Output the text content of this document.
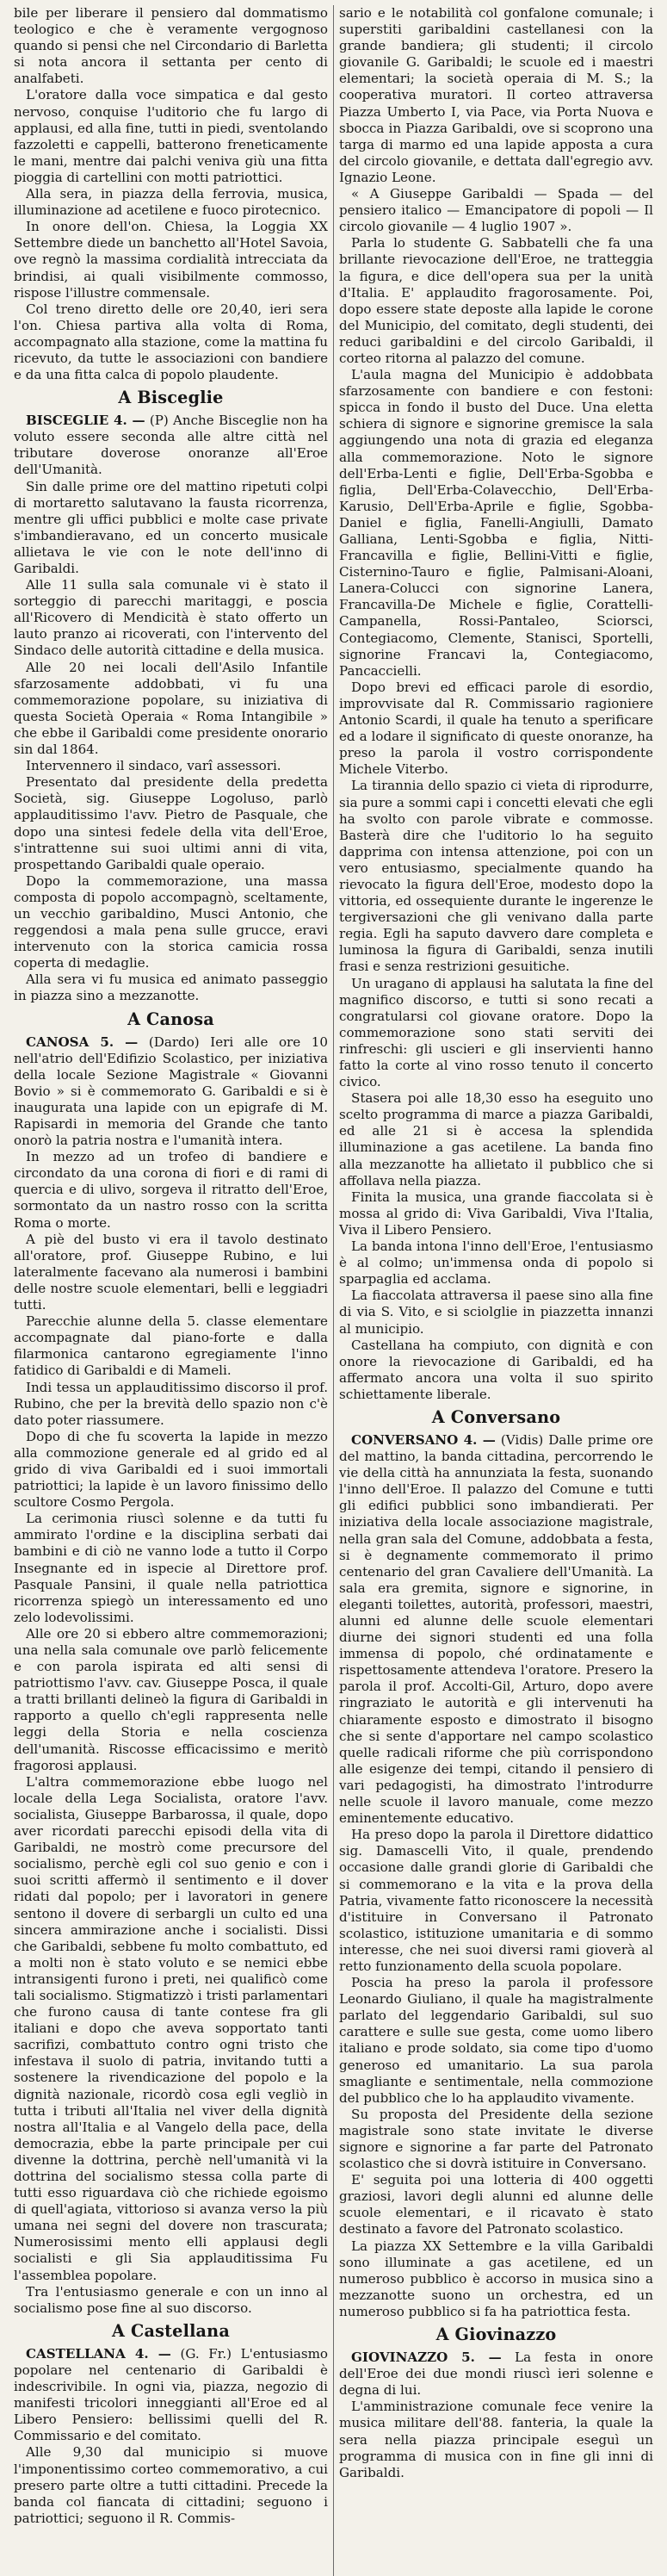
bile per liberare il pensiero dal dommatismo teologico e che è veramente vergognoso quando si pensi che nel Circondario di Barletta si nota ancora il settanta per cento di analfabeti.

L'oratore dalla voce simpatica e dal gesto nervoso, conquise l'uditorio che fu largo di applausi, ed alla fine, tutti in piedi, sventolando fazzoletti e cappelli, batterono freneticamente le mani, mentre dai palchi veniva giù una fitta pioggia di cartellini con motti patriottici.

Alla sera, in piazza della ferrovia, musica, illuminazione ad acetilene e fuoco pirotecnico.

In onore dell'on. Chiesa, la Loggia XX Settembre diede un banchetto all'Hotel Savoia, ove regnò la massima cordialità intrecciata da brindisi, ai quali visibilmente commosso, rispose l'illustre commensale.

Col treno diretto delle ore 20,40, ieri sera l'on. Chiesa partiva alla volta di Roma, accompagnato alla stazione, come la mattina fu ricevuto, da tutte le associazioni con bandiere e da una fitta calca di popolo plaudente.

A Bisceglie

BISCEGLIE 4. — (P) Anche Bisceglie non ha voluto essere seconda alle altre città nel tributare doverose onoranze all'Eroe dell'Umanità.

Sin dalle prime ore del mattino ripetuti colpi di mortaretto salutavano la fausta ricorrenza, mentre gli uffici pubblici e molte case private s'imbandieravano, ed un concerto musicale allietava le vie con le note dell'inno di Garibaldi.

Alle 11 sulla sala comunale vi è stato il sorteggio di parecchi maritaggi, e poscia all'Ricovero di Mendicità è stato offerto un lauto pranzo ai ricoverati, con l'intervento del Sindaco delle autorità cittadine e della musica.

Alle 20 nei locali dell'Asilo Infantile sfarzosamente addobbati, vi fu una commemorazione popolare, su iniziativa di questa Società Operaia « Roma Intangibile » che ebbe il Garibaldi come presidente onorario sin dal 1864.

Intervennero il sindaco, varî assessori.

Presentato dal presidente della predetta Società, sig. Giuseppe Logoluso, parlò applauditissimo l'avv. Pietro de Pasquale, che dopo una sintesi fedele della vita dell'Eroe, s'intrattenne sui suoi ultimi anni di vita, prospettando Garibaldi quale operaio.

Dopo la commemorazione, una massa composta di popolo accompagnò, sceltamente, un vecchio garibaldino, Musci Antonio, che reggendosi a mala pena sulle grucce, eravi intervenuto con la storica camicia rossa coperta di medaglie.

Alla sera vi fu musica ed animato passeggio in piazza sino a mezzanotte.

A Canosa

CANOSA 5. — (Dardo) Ieri alle ore 10 nell'atrio dell'Edifizio Scolastico, per iniziativa della locale Sezione Magistrale « Giovanni Bovio » si è commemorato G. Garibaldi e si è inaugurata una lapide con un epigrafe di M. Rapisardi in memoria del Grande che tanto onorò la patria nostra e l'umanità intera.

In mezzo ad un trofeo di bandiere e circondato da una corona di fiori e di rami di quercia e di ulivo, sorgeva il ritratto dell'Eroe, sormontato da un nastro rosso con la scritta Roma o morte.

A piè del busto vi era il tavolo destinato all'oratore, prof. Giuseppe Rubino, e lui lateralmente facevano ala numerosi i bambini delle nostre scuole elementari, belli e leggiadri tutti.

Parecchie alunne della 5. classe elementare accompagnate dal piano-forte e dalla filarmonica cantarono egregiamente l'inno fatidico di Garibaldi e di Mameli.

Indi tessa un applauditissimo discorso il prof. Rubino, che per la brevità dello spazio non c'è dato poter riassumere.

Dopo di che fu scoverta la lapide in mezzo alla commozione generale ed al grido ed al grido di viva Garibaldi ed i suoi immortali patriottici; la lapide è un lavoro finissimo dello scultore Cosmo Pergola.

La cerimonia riuscì solenne e da tutti fu ammirato l'ordine e la disciplina serbati dai bambini e di ciò ne vanno lode a tutto il Corpo Insegnante ed in ispecie al Direttore prof. Pasquale Pansini, il quale nella patriottica ricorrenza spiegò un interessamento ed uno zelo lodevolissimi.

Alle ore 20 si ebbero altre commemorazioni; una nella sala comunale ove parlò felicemente e con parola ispirata ed alti sensi di patriottismo l'avv. cav. Giuseppe Posca, il quale a tratti brillanti delineò la figura di Garibaldi in rapporto a quello ch'egli rappresenta nelle leggi della Storia e nella coscienza dell'umanità. Riscosse efficacissimo e meritò fragorosi applausi.

L'altra commemorazione ebbe luogo nel locale della Lega Socialista, oratore l'avv. socialista, Giuseppe Barbarossa, il quale, dopo aver ricordati parecchi episodi della vita di Garibaldi, ne mostrò come precursore del socialismo, perchè egli col suo genio e con i suoi scritti affermò il sentimento e il dover ridati dal popolo; per i lavoratori in genere sentono il dovere di serbargli un culto ed una sincera ammirazione anche i socialisti. Dissi che Garibaldi, sebbene fu molto combattuto, ed a molti non è stato voluto e se nemici ebbe intransigenti furono i preti, nei qualificò come tali socialismo. Stigmatizzò i tristi parlamentari che furono causa di tante contese fra gli italiani e dopo che aveva sopportato tanti sacrifizi, combattuto contro ogni tristo che infestava il suolo di patria, invitando tutti a sostenere la rivendicazione del popolo e la dignità nazionale, ricordò cosa egli vegliò in tutta i tributi all'Italia nel viver della dignità nostra all'Italia e al Vangelo della pace, della democrazia, ebbe la parte principale per cui divenne la dottrina, perchè nell'umanità vi la dottrina del socialismo stessa colla parte di tutti esso riguardava ciò che richiede egoismo di quell'agiata, vittorioso si avanza verso la più umana nei segni del dovere non trascurata; Numerosissimi mento elli applausi degli socialisti e gli Sia applauditissima Fu l'assemblea popolare.

Tra l'entusiasmo generale e con un inno al socialismo pose fine al suo discorso.

A Castellana

CASTELLANA 4. — (G. Fr.) L'entusiasmo popolare nel centenario di Garibaldi è indescrivibile. In ogni via, piazza, negozio di manifesti tricolori inneggianti all'Eroe ed al Libero Pensiero: bellissimi quelli del R. Commissario e del comitato.

Alle 9,30 dal municipio si muove l'imponentissimo corteo commemorativo, a cui presero parte oltre a tutti cittadini. Precede la banda col fiancata di cittadini; seguono i patriottici; seguono il R. Commis-

sario e le notabilità col gonfalone comunale; i superstiti garibaldini castellanesi con la grande bandiera; gli studenti; il circolo giovanile G. Garibaldi; le scuole ed i maestri elementari; la società operaia di M. S.; la cooperativa muratori. Il corteo attraversa Piazza Umberto I, via Pace, via Porta Nuova e sbocca in Piazza Garibaldi, ove si scoprono una targa di marmo ed una lapide apposta a cura del circolo giovanile, e dettata dall'egregio avv. Ignazio Leone.

« A Giuseppe Garibaldi — Spada — del pensiero italico — Emancipatore di popoli — Il circolo giovanile — 4 luglio 1907 ».

Parla lo studente G. Sabbatelli che fa una brillante rievocazione dell'Eroe, ne tratteggia la figura, e dice dell'opera sua per la unità d'Italia. E' applaudito fragorosamente. Poi, dopo essere state deposte alla lapide le corone del Municipio, del comitato, degli studenti, dei reduci garibaldini e del circolo Garibaldi, il corteo ritorna al palazzo del comune.

L'aula magna del Municipio è addobbata sfarzosamente con bandiere e con festoni: spicca in fondo il busto del Duce. Una eletta schiera di signore e signorine gremisce la sala aggiungendo una nota di grazia ed eleganza alla commemorazione. Noto le signore dell'Erba-Lenti e figlie, Dell'Erba-Sgobba e figlia, Dell'Erba-Colavecchio, Dell'Erba-Karusio, Dell'Erba-Aprile e figlie, Sgobba-Daniel e figlia, Fanelli-Angiulli, Damato Galliana, Lenti-Sgobba e figlia, Nitti-Francavilla e figlie, Bellini-Vitti e figlie, Cisternino-Tauro e figlie, Palmisani-Aloani, Lanera-Colucci con signorine Lanera, Francavilla-De Michele e figlie, Corattelli-Campanella, Rossi-Pantaleo, Sciorsci, Contegiacomo, Clemente, Stanisci, Sportelli, signorine Francavi la, Contegiacomo, Pancaccielli.

Dopo brevi ed efficaci parole di esordio, improvvisate dal R. Commissario ragioniere Antonio Scardi, il quale ha tenuto a sperificare ed a lodare il significato di queste onoranze, ha preso la parola il vostro corrispondente Michele Viterbo.

La tirannia dello spazio ci vieta di riprodurre, sia pure a sommi capi i concetti elevati che egli ha svolto con parole vibrate e commosse. Basterà dire che l'uditorio lo ha seguito dapprima con intensa attenzione, poi con un vero entusiasmo, specialmente quando ha rievocato la figura dell'Eroe, modesto dopo la vittoria, ed ossequiente durante le ingerenze le tergiversazioni che gli venivano dalla parte regia. Egli ha saputo davvero dare completa e luminosa la figura di Garibaldi, senza inutili frasi e senza restrizioni gesuitiche.

Un uragano di applausi ha salutata la fine del magnifico discorso, e tutti si sono recati a congratularsi col giovane oratore. Dopo la commemorazione sono stati serviti dei rinfreschi: gli uscieri e gli inservienti hanno fatto la corte al vino rosso tenuto il concerto civico.

Stasera poi alle 18,30 esso ha eseguito uno scelto programma di marce a piazza Garibaldi, ed alle 21 si è accesa la splendida illuminazione a gas acetilene. La banda fino alla mezzanotte ha allietato il pubblico che si affollava nella piazza.

Finita la musica, una grande fiaccolata si è mossa al grido di: Viva Garibaldi, Viva l'Italia, Viva il Libero Pensiero.

La banda intona l'inno dell'Eroe, l'entusiasmo è al colmo; un'immensa onda di popolo si sparpaglia ed acclama.

La fiaccolata attraversa il paese sino alla fine di via S. Vito, e si sciolglie in piazzetta innanzi al municipio.

Castellana ha compiuto, con dignità e con onore la rievocazione di Garibaldi, ed ha affermato ancora una volta il suo spirito schiettamente liberale.

A Conversano

CONVERSANO 4. — (Vidis) Dalle prime ore del mattino, la banda cittadina, percorrendo le vie della città ha annunziata la festa, suonando l'inno dell'Eroe. Il palazzo del Comune e tutti gli edifici pubblici sono imbandierati. Per iniziativa della locale associazione magistrale, nella gran sala del Comune, addobbata a festa, si è degnamente commemorato il primo centenario del gran Cavaliere dell'Umanità. La sala era gremita, signore e signorine, in eleganti toilettes, autorità, professori, maestri, alunni ed alunne delle scuole elementari diurne dei signori studenti ed una folla immensa di popolo, ché ordinatamente e rispettosamente attendeva l'oratore. Presero la parola il prof. Accolti-Gil, Arturo, dopo avere ringraziato le autorità e gli intervenuti ha chiaramente esposto e dimostrato il bisogno che si sente d'apportare nel campo scolastico quelle radicali riforme che più corrispondono alle esigenze dei tempi, citando il pensiero di vari pedagogisti, ha dimostrato l'introdurre nelle scuole il lavoro manuale, come mezzo eminentemente educativo.

Ha preso dopo la parola il Direttore didattico sig. Damascelli Vito, il quale, prendendo occasione dalle grandi glorie di Garibaldi che si commemorano e la vita e la prova della Patria, vivamente fatto riconoscere la necessità d'istituire in Conversano il Patronato scolastico, istituzione umanitaria e di sommo interesse, che nei suoi diversi rami gioverà al retto funzionamento della scuola popolare.

Poscia ha preso la parola il professore Leonardo Giuliano, il quale ha magistralmente parlato del leggendario Garibaldi, sul suo carattere e sulle sue gesta, come uomo libero italiano e prode soldato, sia come tipo d'uomo generoso ed umanitario. La sua parola smagliante e sentimentale, nella commozione del pubblico che lo ha applaudito vivamente.

Su proposta del Presidente della sezione magistrale sono state invitate le diverse signore e signorine a far parte del Patronato scolastico che si dovrà istituire in Conversano.

E' seguita poi una lotteria di 400 oggetti graziosi, lavori degli alunni ed alunne delle scuole elementari, e il ricavato è stato destinato a favore del Patronato scolastico.

La piazza XX Settembre e la villa Garibaldi sono illuminate a gas acetilene, ed un numeroso pubblico è accorso in musica sino a mezzanotte suono un orchestra, ed un numeroso pubblico si fa ha patriottica festa.

A Giovinazzo

GIOVINAZZO 5. — La festa in onore dell'Eroe dei due mondi riuscì ieri solenne e degna di lui.

L'amministrazione comunale fece venire la musica militare dell'88. fanteria, la quale la sera nella piazza principale eseguì un programma di musica con in fine gli inni di Garibaldi.
